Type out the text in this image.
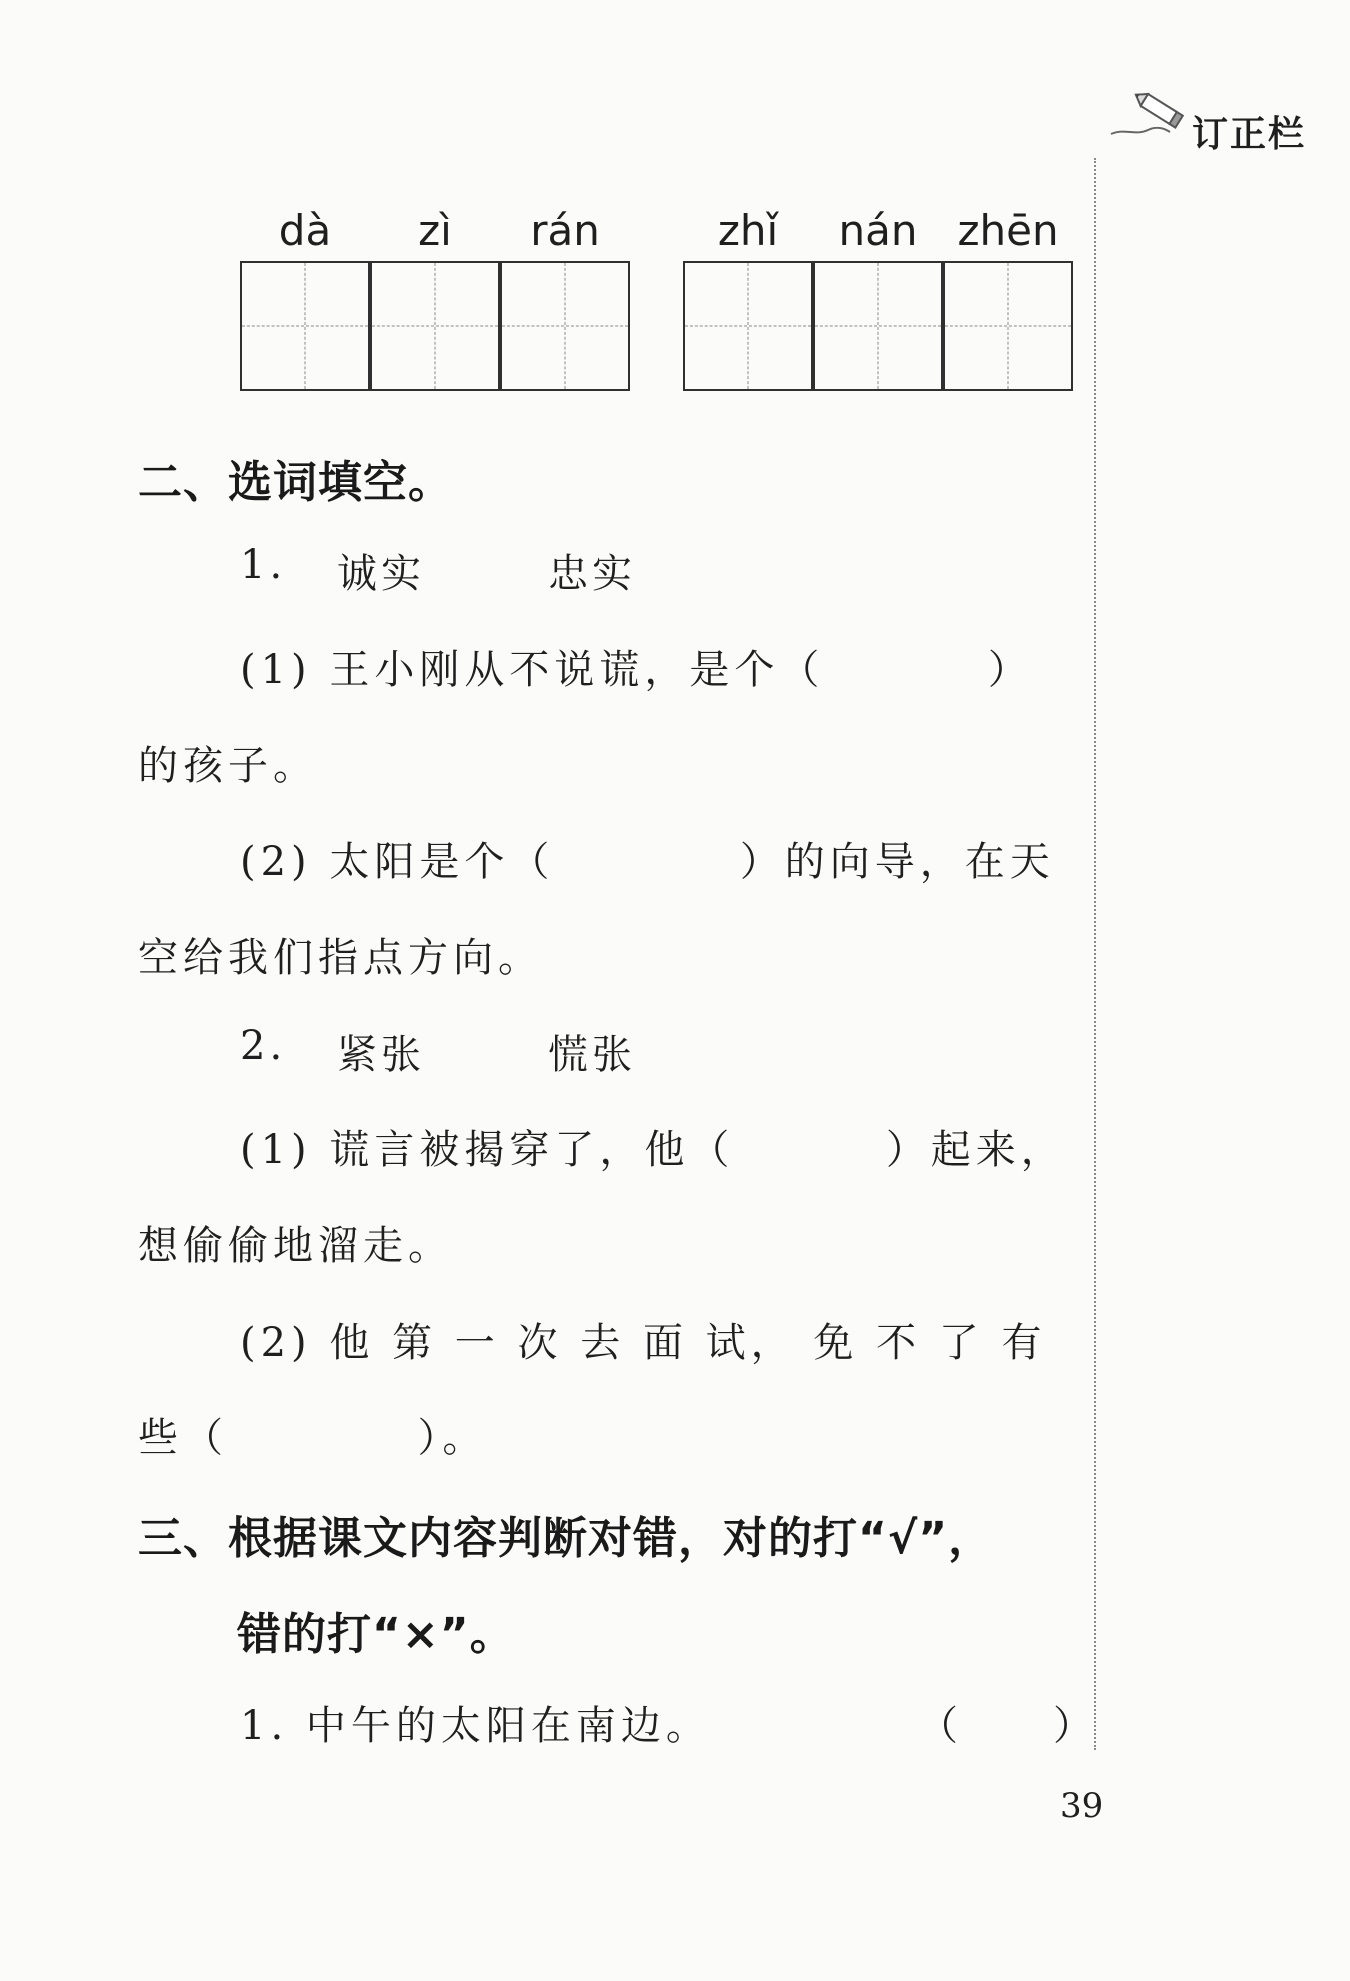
订正栏
dà	zì	rán	zhǐ	nán zhēn
二、选词填空。
1. 诚实	忠实
(1) 王小刚从不说谎，是个（	）
的孩子。
(2) 太阳是个（	）的向导，在天
空给我们指点方向。
2. 紧张	慌张
(1) 谎言被揭穿了，他（	）起来，
想偷偷地溜走。
(2) 他 第 一 次 去 面 试， 免 不 了 有
些（	）。
三、根据课文内容判断对错，对的打“√”，
错的打“×”。
1. 中午的太阳在南边。	（　　）
39
